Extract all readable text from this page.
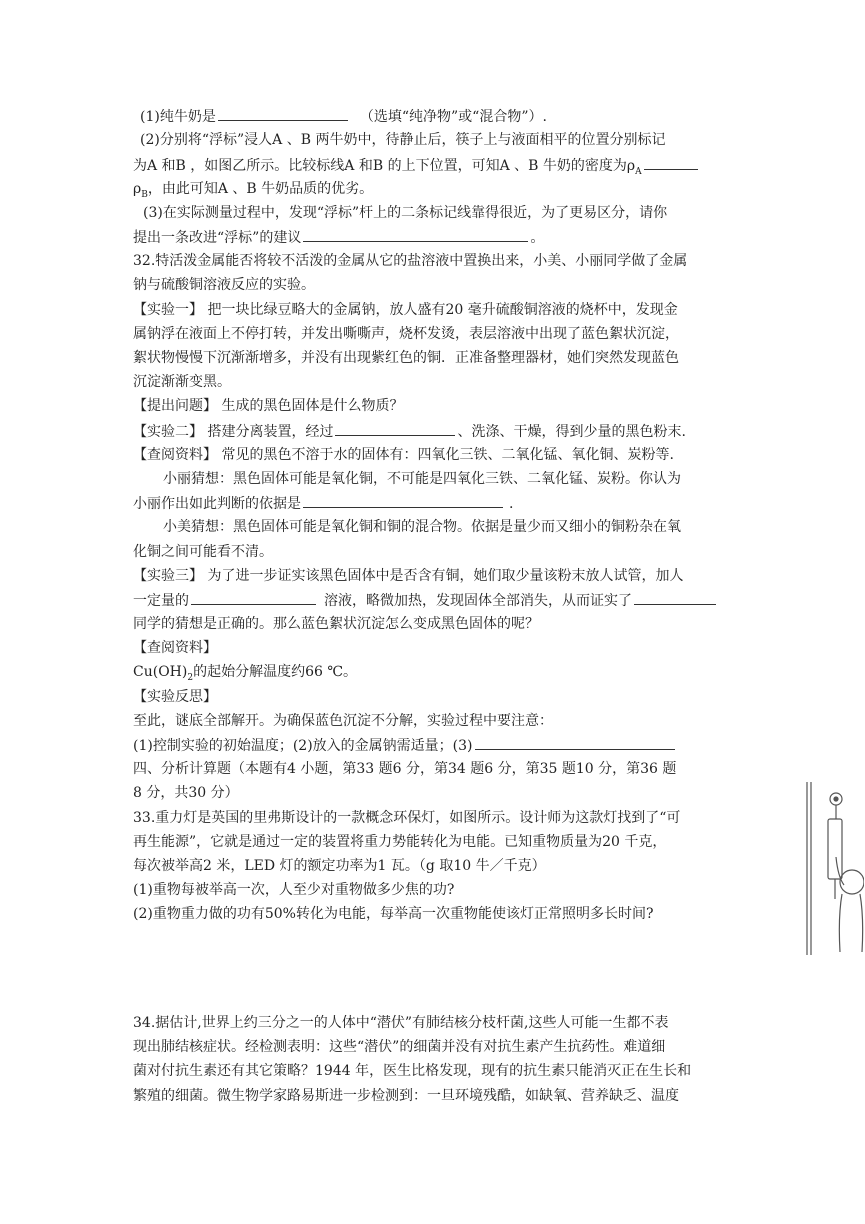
(1)纯牛奶是	（选填“纯净物”或“混合物”）.
(2)分别将“浮标”浸人A 、B 两牛奶中，待静止后，筷子上与液面相平的位置分别标记
为A 和B ，如图乙所示。比较标线A 和B 的上下位置，可知A 、B 牛奶的密度为$\rho_A$
$\rho_B$，由此可知A 、B 牛奶品质的优劣。
(3)在实际测量过程中，发现“浮标”杆上的二条标记线靠得很近，为了更易区分，请你
提出一条改进“浮标”的建议	。
32.特活泼金属能否将较不活泼的金属从它的盐溶液中置换出来，小美、小丽同学做了金属
钠与硫酸铜溶液反应的实验。
【实验一】 把一块比绿豆略大的金属钠，放人盛有20 毫升硫酸铜溶液的烧杯中，发现金
属钠浮在液面上不停打转，并发出嘶嘶声，烧杯发烫，表层溶液中出现了蓝色絮状沉淀，
絮状物慢慢下沉渐渐增多，并没有出现紫红色的铜．正准备整理器材，她们突然发现蓝色
沉淀渐渐变黑。
【提出问题】 生成的黑色固体是什么物质？
【实验二】 搭建分离装置，经过	、洗涤、干燥，得到少量的黑色粉末.
【查阅资料】 常见的黑色不溶于水的固体有：四氧化三铁、二氧化锰、氧化铜、炭粉等.
小丽猜想：黑色固体可能是氧化铜，不可能是四氧化三铁、二氧化锰、炭粉。你认为
小丽作出如此判断的依据是	.
小美猜想：黑色固体可能是氧化铜和铜的混合物。依据是量少而又细小的铜粉杂在氧
化铜之间可能看不清。
【实验三】 为了进一步证实该黑色固体中是否含有铜，她们取少量该粉末放人试管，加人
一定量的	溶液，略微加热，发现固体全部消失，从而证实了
同学的猜想是正确的。那么蓝色絮状沉淀怎么变成黑色固体的呢？
【查阅资料】
$Cu(OH)_2$的起始分解温度约66 ℃。
【实验反思】
至此，谜底全部解开。为确保蓝色沉淀不分解，实验过程中要注意：
(1)控制实验的初始温度；(2)放入的金属钠需适量；(3)
四、分析计算题（本题有4 小题，第33 题6 分，第34 题6 分，第35 题10 分，第36 题
8 分，共30 分）
33.重力灯是英国的里弗斯设计的一款概念环保灯，如图所示。设计师为这款灯找到了“可
再生能源”，它就是通过一定的装置将重力势能转化为电能。已知重物质量为20 千克，
每次被举高2 米，LED 灯的额定功率为1 瓦。（g 取10 牛／千克）
(1)重物每被举高一次，人至少对重物做多少焦的功?
(2)重物重力做的功有50%转化为电能，每举高一次重物能使该灯正常照明多长时间?
34.据估计,世界上约三分之一的人体中“潜伏”有肺结核分枝杆菌,这些人可能一生都不表
现出肺结核症状。经检测表明：这些“潜伏”的细菌并没有对抗生素产生抗药性。难道细
菌对付抗生素还有其它策略？1944 年，医生比格发现，现有的抗生素只能消灭正在生长和
繁殖的细菌。微生物学家路易斯进一步检测到：一旦环境残酷，如缺氧、营养缺乏、温度
